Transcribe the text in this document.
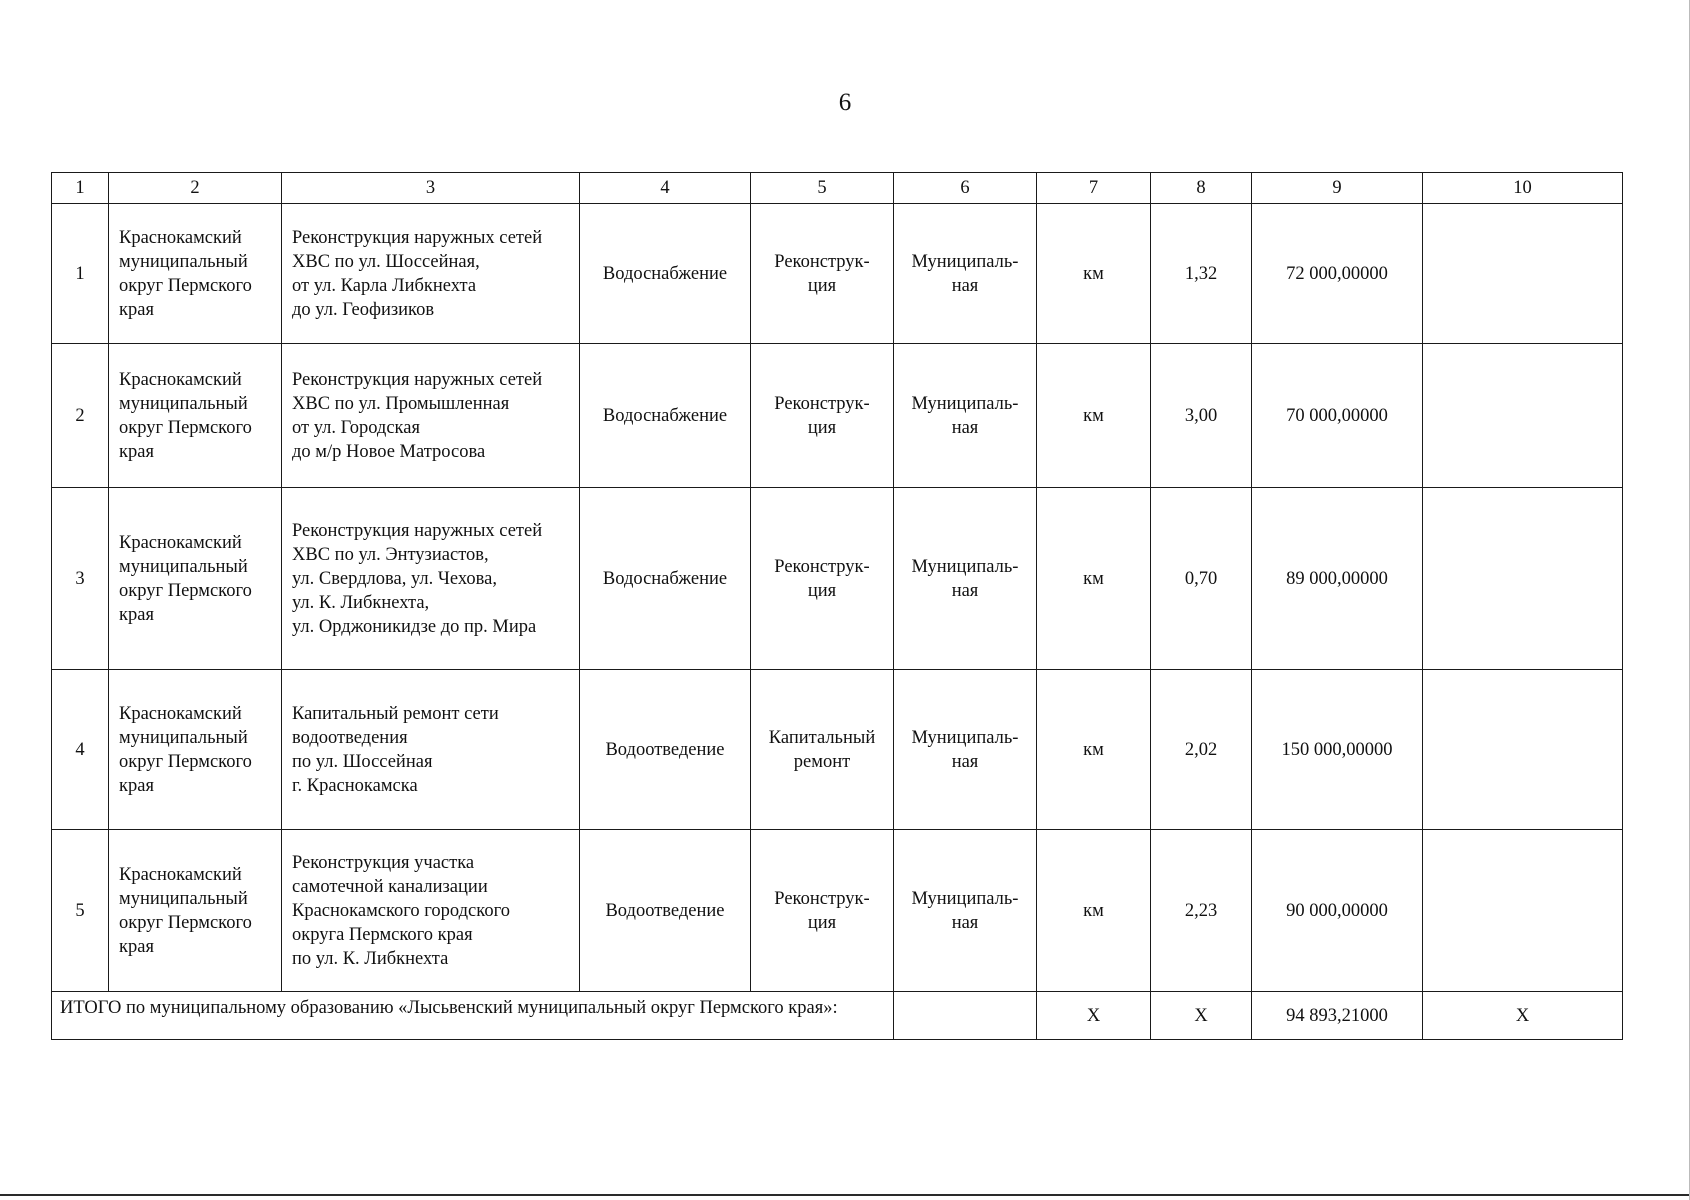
6
1	2	3	4	5	6	7	8	9	10
1	Краснокамский
муниципальный
округ Пермского
края	Реконструкция наружных сетей
ХВС по ул. Шоссейная,
от ул. Карла Либкнехта
до ул. Геофизиков	Водоснабжение	Реконструк-
ция	Муниципаль-
ная	км	1,32	72 000,00000	
2	Краснокамский
муниципальный
округ Пермского
края	Реконструкция наружных сетей
ХВС по ул. Промышленная
от ул. Городская
до м/р Новое Матросова	Водоснабжение	Реконструк-
ция	Муниципаль-
ная	км	3,00	70 000,00000	
3	Краснокамский
муниципальный
округ Пермского
края	Реконструкция наружных сетей
ХВС по ул. Энтузиастов,
ул. Свердлова, ул. Чехова,
ул. К. Либкнехта,
ул. Орджоникидзе до пр. Мира	Водоснабжение	Реконструк-
ция	Муниципаль-
ная	км	0,70	89 000,00000	
4	Краснокамский
муниципальный
округ Пермского
края	Капитальный ремонт сети
водоотведения
по ул. Шоссейная
г. Краснокамска	Водоотведение	Капитальный
ремонт	Муниципаль-
ная	км	2,02	150 000,00000	
5	Краснокамский
муниципальный
округ Пермского
края	Реконструкция участка
самотечной канализации
Краснокамского городского
округа Пермского края
по ул. К. Либкнехта	Водоотведение	Реконструк-
ция	Муниципаль-
ная	км	2,23	90 000,00000	
ИТОГО по муниципальному образованию «Лысьвенский муниципальный округ Пермского края»:						X	X	94 893,21000	X
